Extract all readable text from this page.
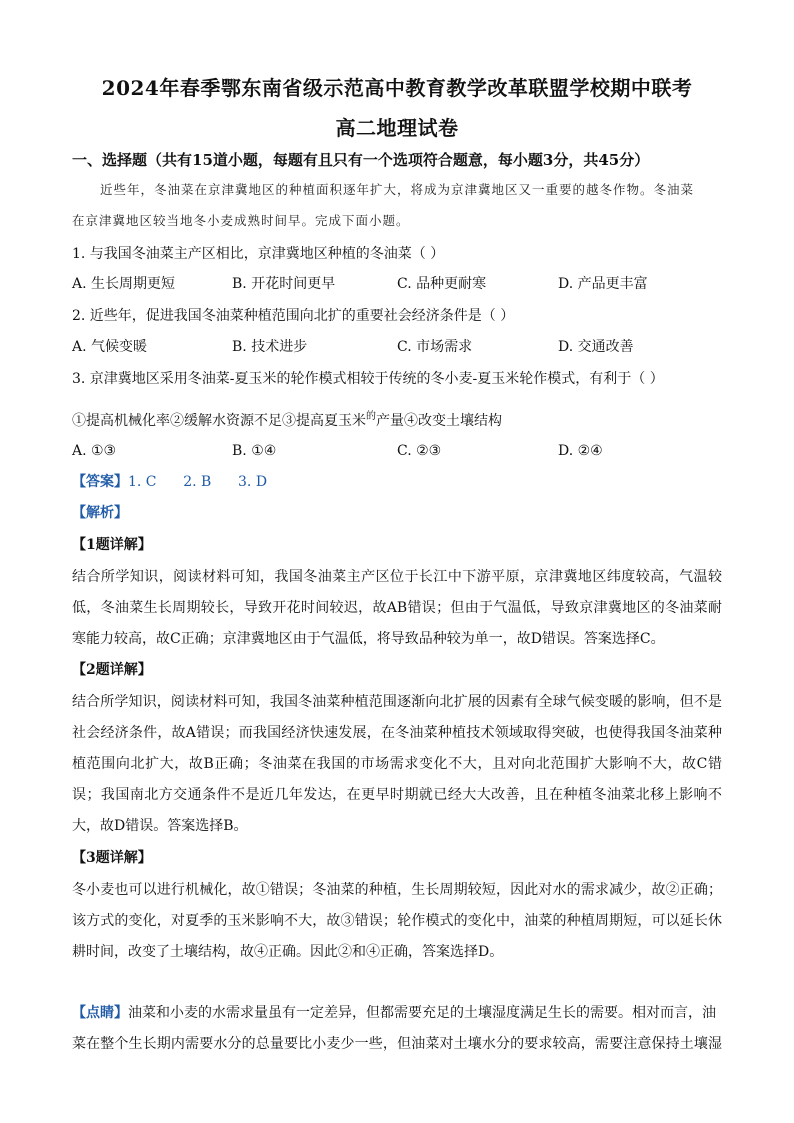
2024年春季鄂东南省级示范高中教育教学改革联盟学校期中联考
高二地理试卷
一、选择题（共有15道小题，每题有且只有一个选项符合题意，每小题3分，共45分）
近些年，冬油菜在京津冀地区的种植面积逐年扩大，将成为京津冀地区又一重要的越冬作物。冬油菜
在京津冀地区较当地冬小麦成熟时间早。完成下面小题。
1. 与我国冬油菜主产区相比，京津冀地区种植的冬油菜（ ）
A. 生长周期更短	B. 开花时间更早	C. 品种更耐寒	D. 产品更丰富
2. 近些年，促进我国冬油菜种植范围向北扩的重要社会经济条件是（ ）
A. 气候变暖	B. 技术进步	C. 市场需求	D. 交通改善
3. 京津冀地区采用冬油菜-夏玉米的轮作模式相较于传统的冬小麦-夏玉米轮作模式，有利于（ ）
①提高机械化率②缓解水资源不足③提高夏玉米$^的$产量④改变土壤结构
A. ①③	B. ①④	C. ②③	D. ②④
【答案】1. C      2. B      3. D
【解析】
【1题详解】
结合所学知识，阅读材料可知，我国冬油菜主产区位于长江中下游平原，京津冀地区纬度较高，气温较
低，冬油菜生长周期较长，导致开花时间较迟，故AB错误；但由于气温低，导致京津冀地区的冬油菜耐
寒能力较高，故C正确；京津冀地区由于气温低，将导致品种较为单一，故D错误。答案选择C。
【2题详解】
结合所学知识，阅读材料可知，我国冬油菜种植范围逐渐向北扩展的因素有全球气候变暖的影响，但不是
社会经济条件，故A错误；而我国经济快速发展，在冬油菜种植技术领域取得突破，也使得我国冬油菜种
植范围向北扩大，故B正确；冬油菜在我国的市场需求变化不大，且对向北范围扩大影响不大，故C错
误；我国南北方交通条件不是近几年发达，在更早时期就已经大大改善，且在种植冬油菜北移上影响不
大，故D错误。答案选择B。
【3题详解】
冬小麦也可以进行机械化，故①错误；冬油菜的种植，生长周期较短，因此对水的需求减少，故②正确；
该方式的变化，对夏季的玉米影响不大，故③错误；轮作模式的变化中，油菜的种植周期短，可以延长休
耕时间，改变了土壤结构，故④正确。因此②和④正确，答案选择D。
【点睛】油菜和小麦的水需求量虽有一定差异，但都需要充足的土壤湿度满足生长的需要。相对而言，油
菜在整个生长期内需要水分的总量要比小麦少一些，但油菜对土壤水分的要求较高，需要注意保持土壤湿
